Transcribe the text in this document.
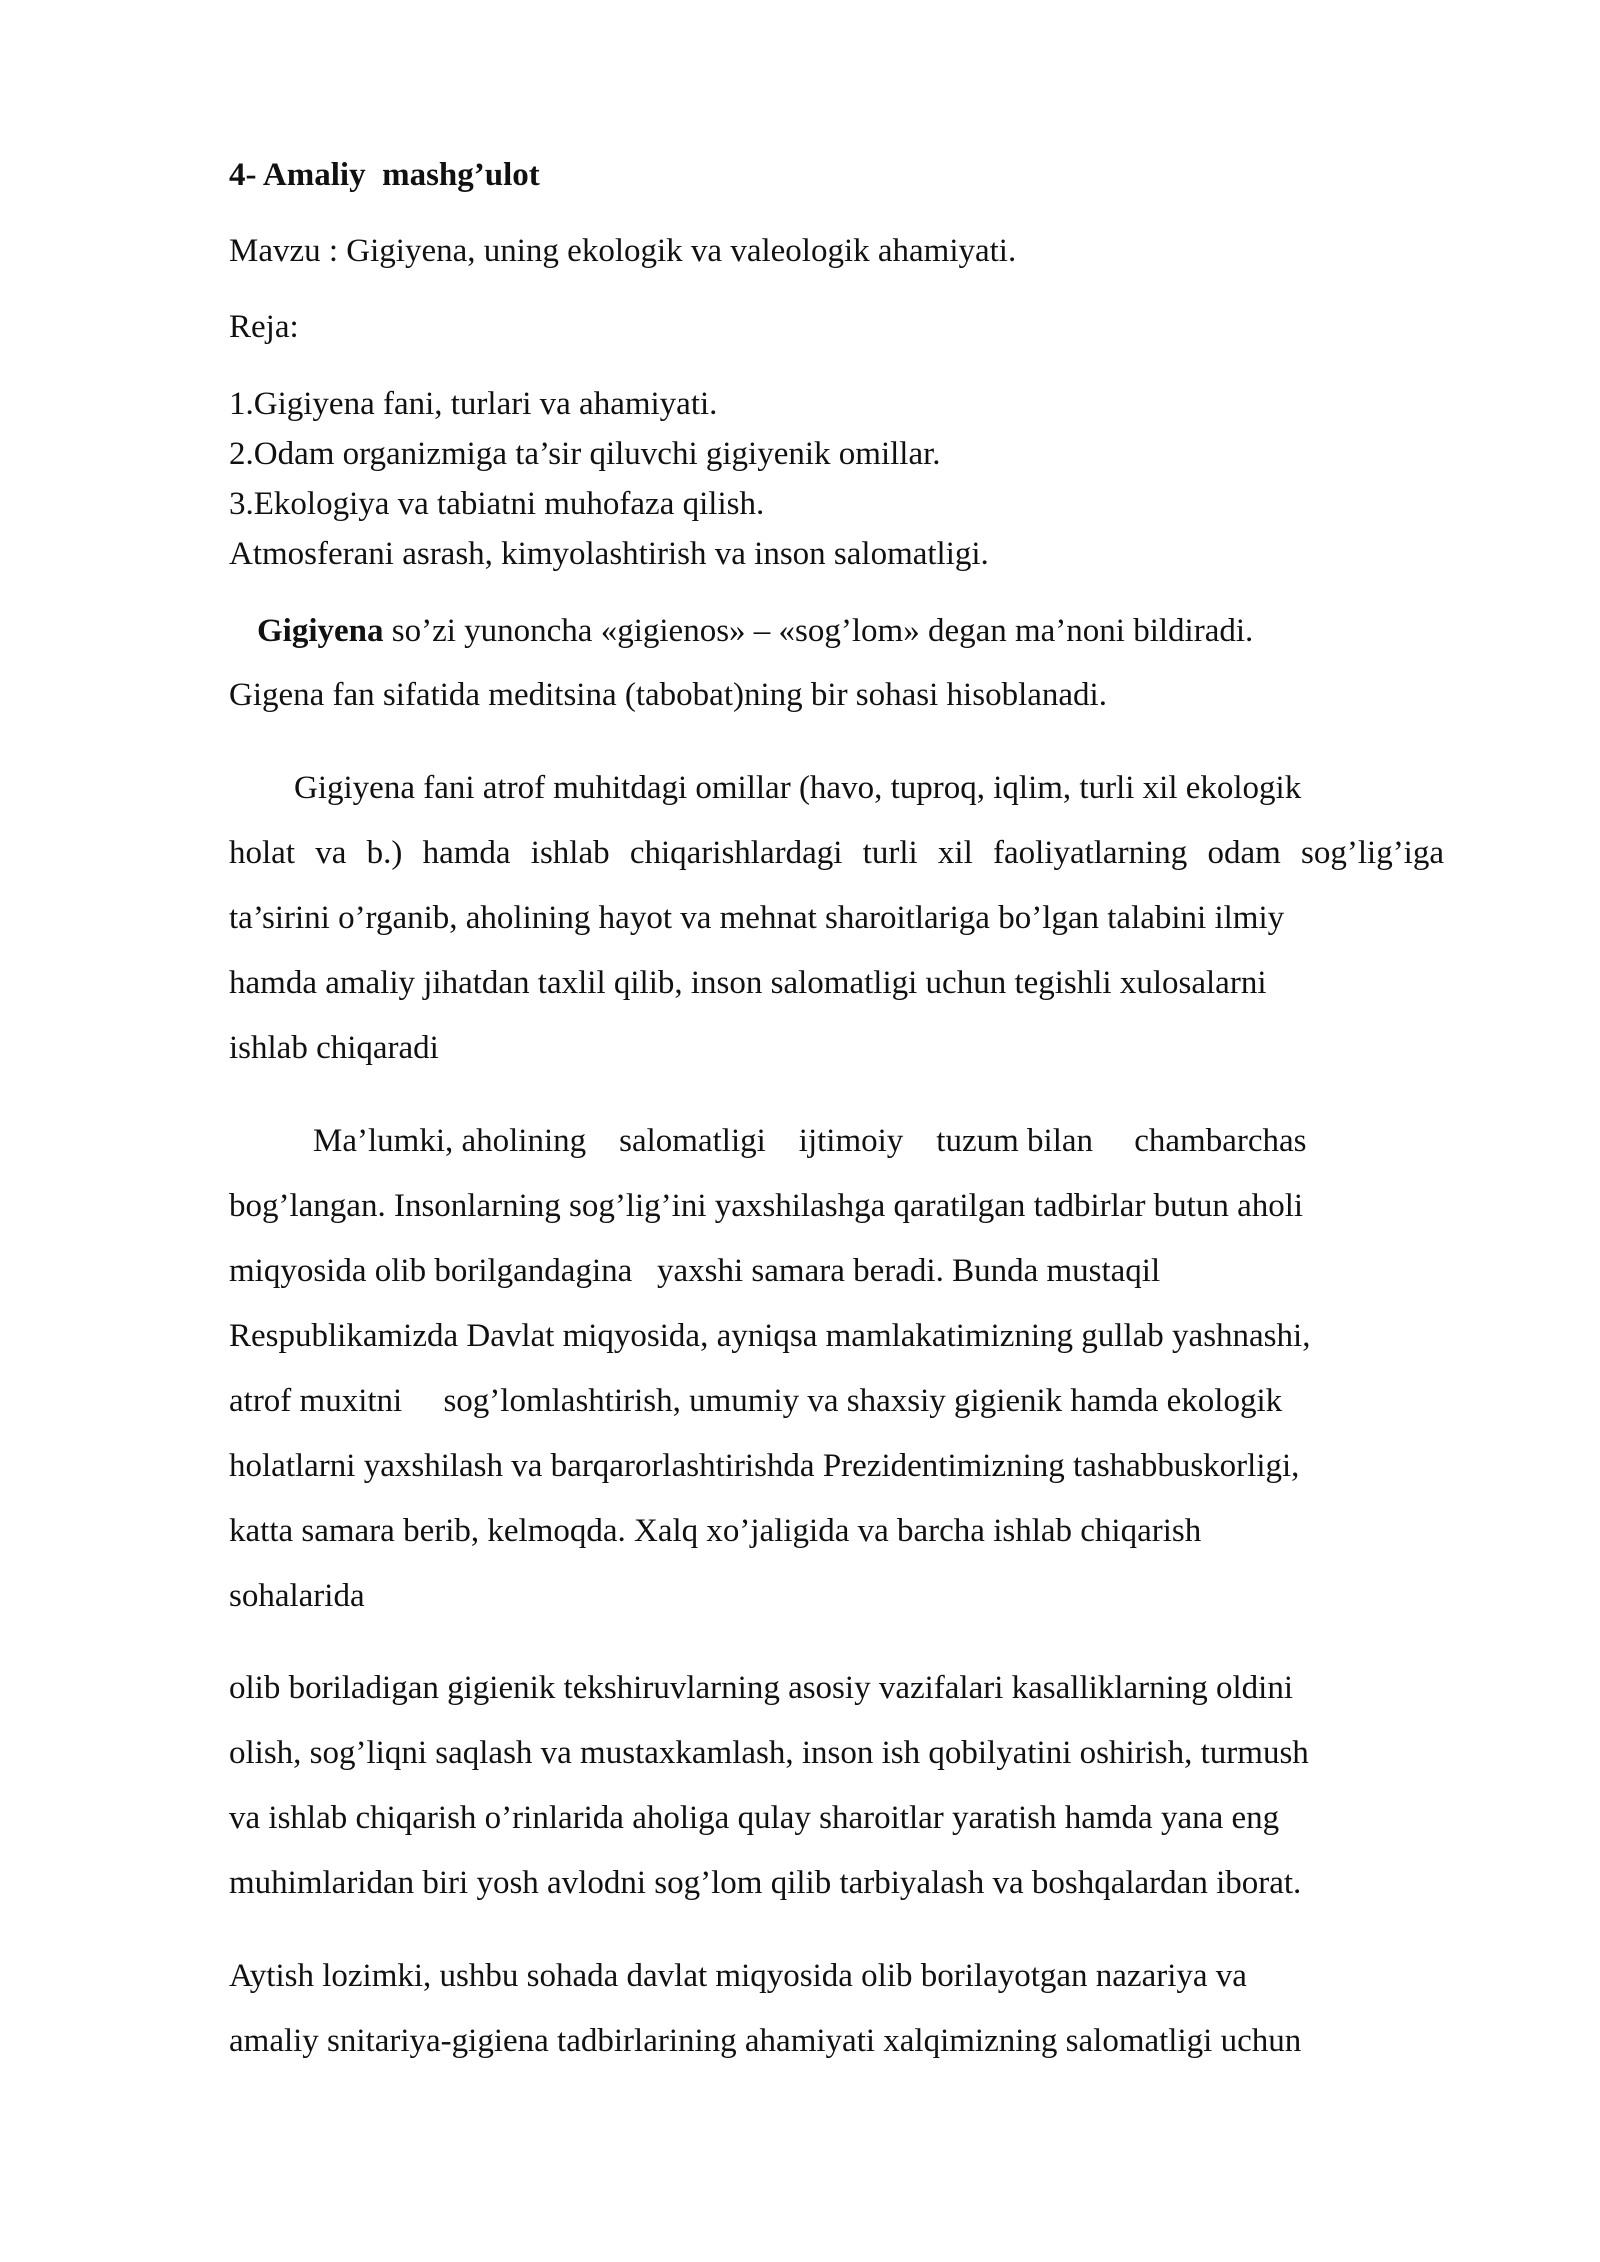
4- Amaliy  mashg’ulot

Mavzu : Gigiyena, uning ekologik va valeologik ahamiyati.

Reja:

1.Gigiyena fani, turlari va ahamiyati.

2.Odam organizmiga ta’sir qiluvchi gigiyenik omillar.

3.Ekologiya va tabiatni muhofaza qilish.

Atmosferani asrash, kimyolashtirish va inson salomatligi.

Gigiyena so’zi yunoncha «gigienos» – «sog’lom» degan ma’noni bildiradi.

Gigena fan sifatida meditsina (tabobat)ning bir sohasi hisoblanadi.

Gigiyena fani atrof muhitdagi omillar (havo, tuproq, iqlim, turli xil ekologik

holat va b.) hamda ishlab chiqarishlardagi turli xil faoliyatlarning odam sog’lig’iga

ta’sirini o’rganib, aholining hayot va mehnat sharoitlariga bo’lgan talabini ilmiy

hamda amaliy jihatdan taxlil qilib, inson salomatligi uchun tegishli xulosalarni

ishlab chiqaradi

Ma’lumki, aholining    salomatligi    ijtimoiy    tuzum bilan     chambarchas

bog’langan. Insonlarning sog’lig’ini yaxshilashga qaratilgan tadbirlar butun aholi

miqyosida olib borilgandagina   yaxshi samara beradi. Bunda mustaqil

Respublikamizda Davlat miqyosida, ayniqsa mamlakatimizning gullab yashnashi,

atrof muxitni     sog’lomlashtirish, umumiy va shaxsiy gigienik hamda ekologik

holatlarni yaxshilash va barqarorlashtirishda Prezidentimizning tashabbuskorligi,

katta samara berib, kelmoqda. Xalq xo’jaligida va barcha ishlab chiqarish

sohalarida

olib boriladigan gigienik tekshiruvlarning asosiy vazifalari kasalliklarning oldini

olish, sog’liqni saqlash va mustaxkamlash, inson ish qobilyatini oshirish, turmush

va ishlab chiqarish o’rinlarida aholiga qulay sharoitlar yaratish hamda yana eng

muhimlaridan biri yosh avlodni sog’lom qilib tarbiyalash va boshqalardan iborat.

Aytish lozimki, ushbu sohada davlat miqyosida olib borilayotgan nazariya va

amaliy snitariya-gigiena tadbirlarining ahamiyati xalqimizning salomatligi uchun
